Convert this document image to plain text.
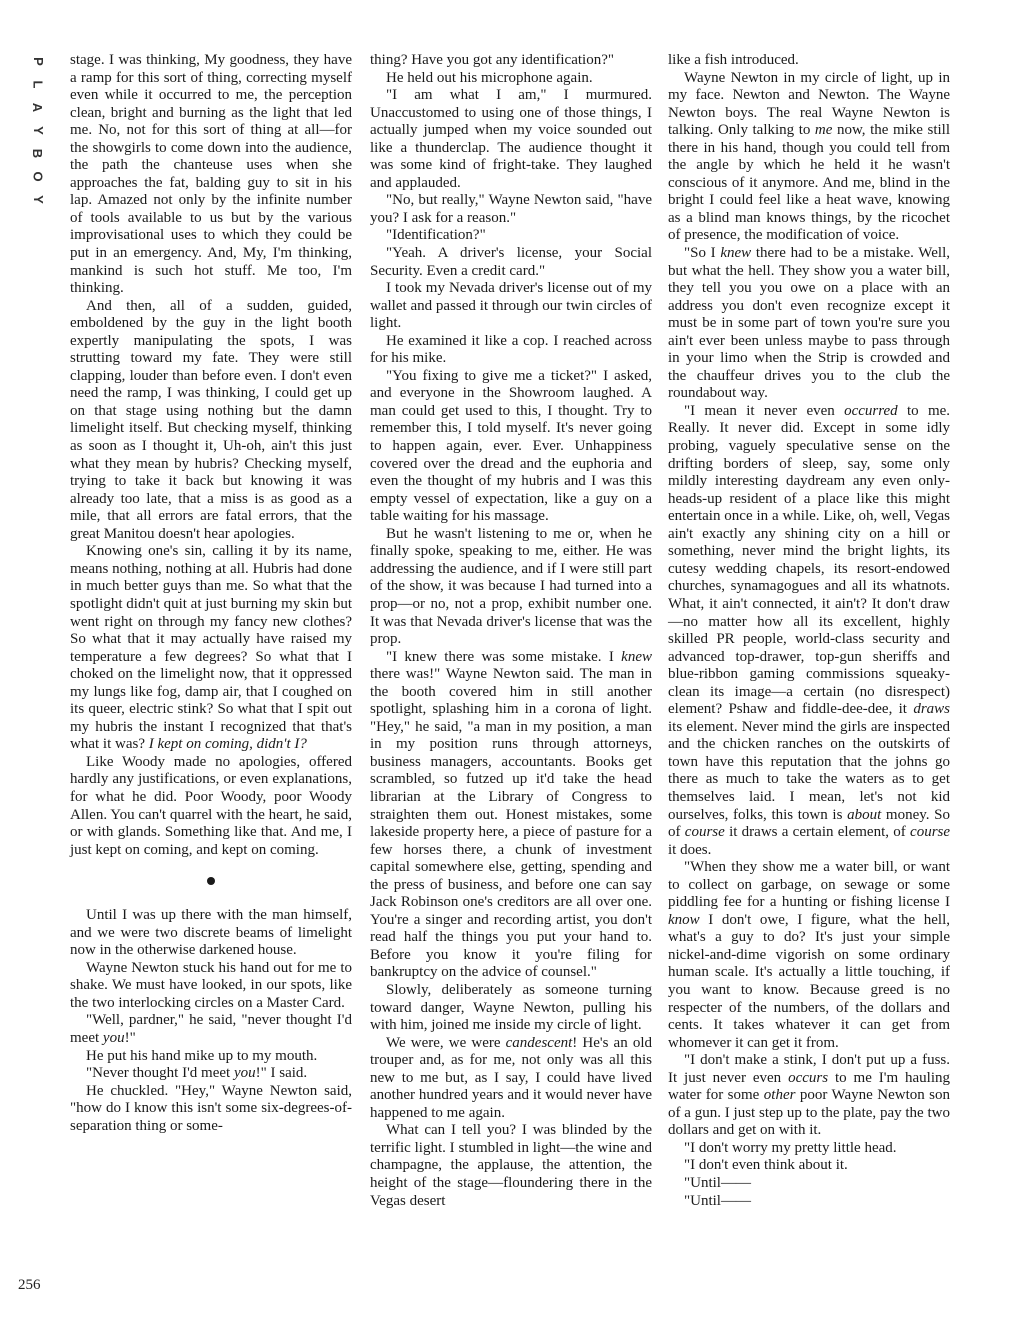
P
L
A
Y
B
O
Y
256

stage. I was thinking, My goodness, they have a ramp for this sort of thing, correcting myself even while it occurred to me, the perception clean, bright and burning as the light that led me. No, not for this sort of thing at all—for the showgirls to come down into the audience, the path the chanteuse uses when she approaches the fat, balding guy to sit in his lap. Amazed not only by the infinite number of tools available to us but by the various improvisational uses to which they could be put in an emergency. And, My, I'm thinking, mankind is such hot stuff. Me too, I'm thinking.

And then, all of a sudden, guided, emboldened by the guy in the light booth expertly manipulating the spots, I was strutting toward my fate. They were still clapping, louder than before even. I don't even need the ramp, I was thinking, I could get up on that stage using nothing but the damn limelight itself. But checking myself, thinking as soon as I thought it, Uh-oh, ain't this just what they mean by hubris? Checking myself, trying to take it back but knowing it was already too late, that a miss is as good as a mile, that all errors are fatal errors, that the great Manitou doesn't hear apologies.

Knowing one's sin, calling it by its name, means nothing, nothing at all. Hubris had done in much better guys than me. So what that the spotlight didn't quit at just burning my skin but went right on through my fancy new clothes? So what that it may actually have raised my temperature a few degrees? So what that I choked on the limelight now, that it oppressed my lungs like fog, damp air, that I coughed on its queer, electric stink? So what that I spit out my hubris the instant I recognized that that's what it was? I kept on coming, didn't I?

Like Woody made no apologies, offered hardly any justifications, or even explanations, for what he did. Poor Woody, poor Woody Allen. You can't quarrel with the heart, he said, or with glands. Something like that. And me, I just kept on coming, and kept on coming.

Until I was up there with the man himself, and we were two discrete beams of limelight now in the otherwise darkened house.

Wayne Newton stuck his hand out for me to shake. We must have looked, in our spots, like the two interlocking circles on a Master Card.

"Well, pardner," he said, "never thought I'd meet you!"

He put his hand mike up to my mouth.

"Never thought I'd meet you!" I said.

He chuckled. "Hey," Wayne Newton said, "how do I know this isn't some six-degrees-of-separation thing or some-

thing? Have you got any identification?"

He held out his microphone again.

"I am what I am," I murmured. Unaccustomed to using one of those things, I actually jumped when my voice sounded out like a thunderclap. The audience thought it was some kind of fright-take. They laughed and applauded.

"No, but really," Wayne Newton said, "have you? I ask for a reason."

"Identification?"

"Yeah. A driver's license, your Social Security. Even a credit card."

I took my Nevada driver's license out of my wallet and passed it through our twin circles of light.

He examined it like a cop. I reached across for his mike.

"You fixing to give me a ticket?" I asked, and everyone in the Showroom laughed. A man could get used to this, I thought. Try to remember this, I told myself. It's never going to happen again, ever. Ever. Unhappiness covered over the dread and the euphoria and even the thought of my hubris and I was this empty vessel of expectation, like a guy on a table waiting for his massage.

But he wasn't listening to me or, when he finally spoke, speaking to me, either. He was addressing the audience, and if I were still part of the show, it was because I had turned into a prop—or no, not a prop, exhibit number one. It was that Nevada driver's license that was the prop.

"I knew there was some mistake. I knew there was!" Wayne Newton said. The man in the booth covered him in still another spotlight, splashing him in a corona of light. "Hey," he said, "a man in my position, a man in my position runs through attorneys, business managers, accountants. Books get scrambled, so futzed up it'd take the head librarian at the Library of Congress to straighten them out. Honest mistakes, some lakeside property here, a piece of pasture for a few horses there, a chunk of investment capital somewhere else, getting, spending and the press of business, and before one can say Jack Robinson one's creditors are all over one. You're a singer and recording artist, you don't read half the things you put your hand to. Before you know it you're filing for bankruptcy on the advice of counsel."

Slowly, deliberately as someone turning toward danger, Wayne Newton, pulling his with him, joined me inside my circle of light.

We were, we were candescent! He's an old trouper and, as for me, not only was all this new to me but, as I say, I could have lived another hundred years and it would never have happened to me again.

What can I tell you? I was blinded by the terrific light. I stumbled in light—the wine and champagne, the applause, the attention, the height of the stage—floundering there in the Vegas desert

like a fish introduced.

Wayne Newton in my circle of light, up in my face. Newton and Newton. The Wayne Newton boys. The real Wayne Newton is talking. Only talking to me now, the mike still there in his hand, though you could tell from the angle by which he held it he wasn't conscious of it anymore. And me, blind in the bright I could feel like a heat wave, knowing as a blind man knows things, by the ricochet of presence, the modification of voice.

"So I knew there had to be a mistake. Well, but what the hell. They show you a water bill, they tell you you owe on a place with an address you don't even recognize except it must be in some part of town you're sure you ain't ever been unless maybe to pass through in your limo when the Strip is crowded and the chauffeur drives you to the club the roundabout way.

"I mean it never even occurred to me. Really. It never did. Except in some idly probing, vaguely speculative sense on the drifting borders of sleep, say, some only mildly interesting daydream any even only-heads-up resident of a place like this might entertain once in a while. Like, oh, well, Vegas ain't exactly any shining city on a hill or something, never mind the bright lights, its cutesy wedding chapels, its resort-endowed churches, synamagogues and all its whatnots. What, it ain't connected, it ain't? It don't draw—no matter how all its excellent, highly skilled PR people, world-class security and advanced top-drawer, top-gun sheriffs and blue-ribbon gaming commissions squeaky-clean its image—a certain (no disrespect) element? Pshaw and fiddle-dee-dee, it draws its element. Never mind the girls are inspected and the chicken ranches on the outskirts of town have this reputation that the johns go there as much to take the waters as to get themselves laid. I mean, let's not kid ourselves, folks, this town is about money. So of course it draws a certain element, of course it does.

"When they show me a water bill, or want to collect on garbage, on sewage or some piddling fee for a hunting or fishing license I know I don't owe, I figure, what the hell, what's a guy to do? It's just your simple nickel-and-dime vigorish on some ordinary human scale. It's actually a little touching, if you want to know. Because greed is no respecter of the numbers, of the dollars and cents. It takes whatever it can get from whomever it can get it from.

"I don't make a stink, I don't put up a fuss. It just never even occurs to me I'm hauling water for some other poor Wayne Newton son of a gun. I just step up to the plate, pay the two dollars and get on with it.

"I don't worry my pretty little head.

"I don't even think about it.

"Until——

"Until——
